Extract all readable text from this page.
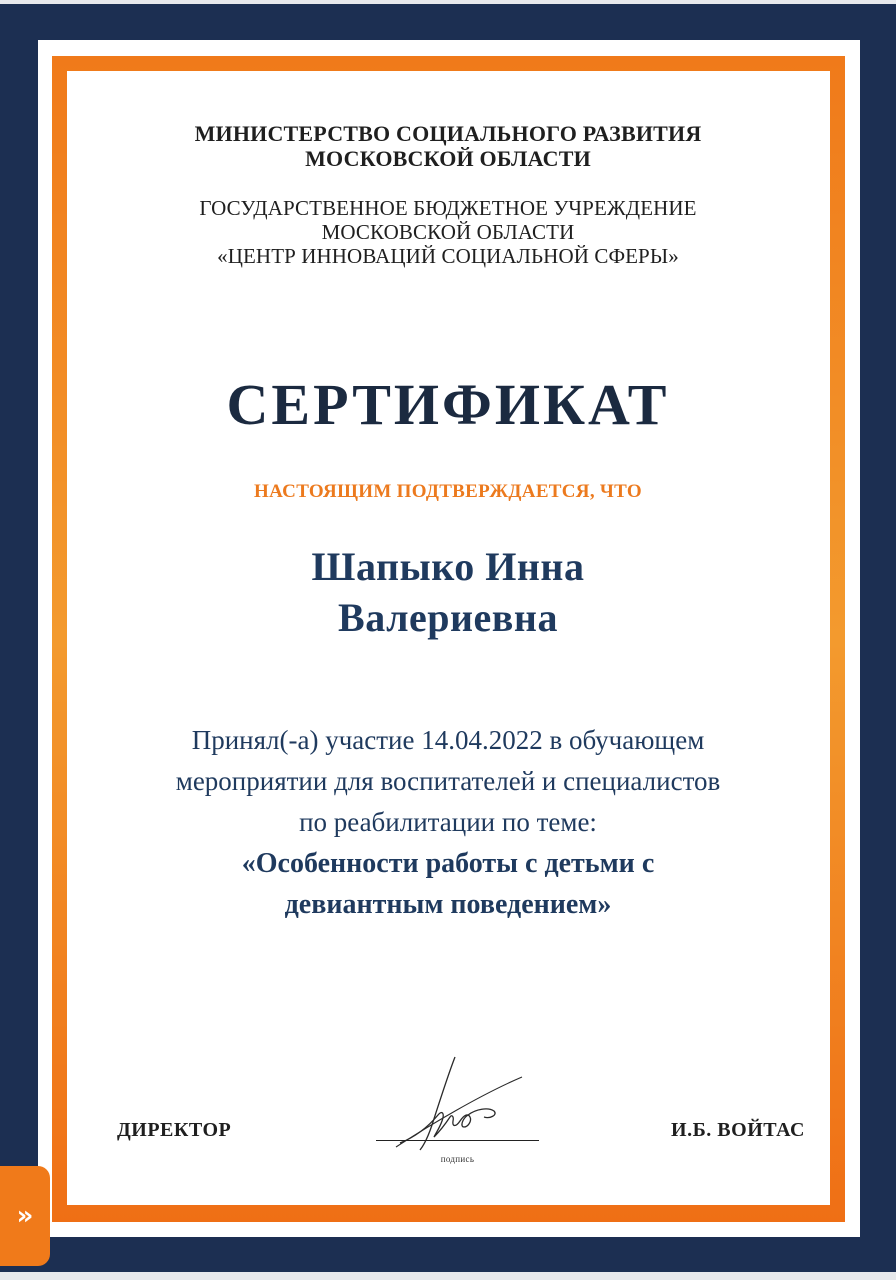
МИНИСТЕРСТВО СОЦИАЛЬНОГО РАЗВИТИЯ
МОСКОВСКОЙ ОБЛАСТИ
ГОСУДАРСТВЕННОЕ БЮДЖЕТНОЕ УЧРЕЖДЕНИЕ
МОСКОВСКОЙ ОБЛАСТИ
«ЦЕНТР ИННОВАЦИЙ СОЦИАЛЬНОЙ СФЕРЫ»
СЕРТИФИКАТ
НАСТОЯЩИМ ПОДТВЕРЖДАЕТСЯ, ЧТО
Шапыко Инна
Валериевна
Принял(-а) участие 14.04.2022 в обучающем
мероприятии для воспитателей и специалистов
по реабилитации по теме:
«Особенности работы с детьми с
девиантным поведением»
ДИРЕКТОР
подпись
И.Б. ВОЙТАС
»
